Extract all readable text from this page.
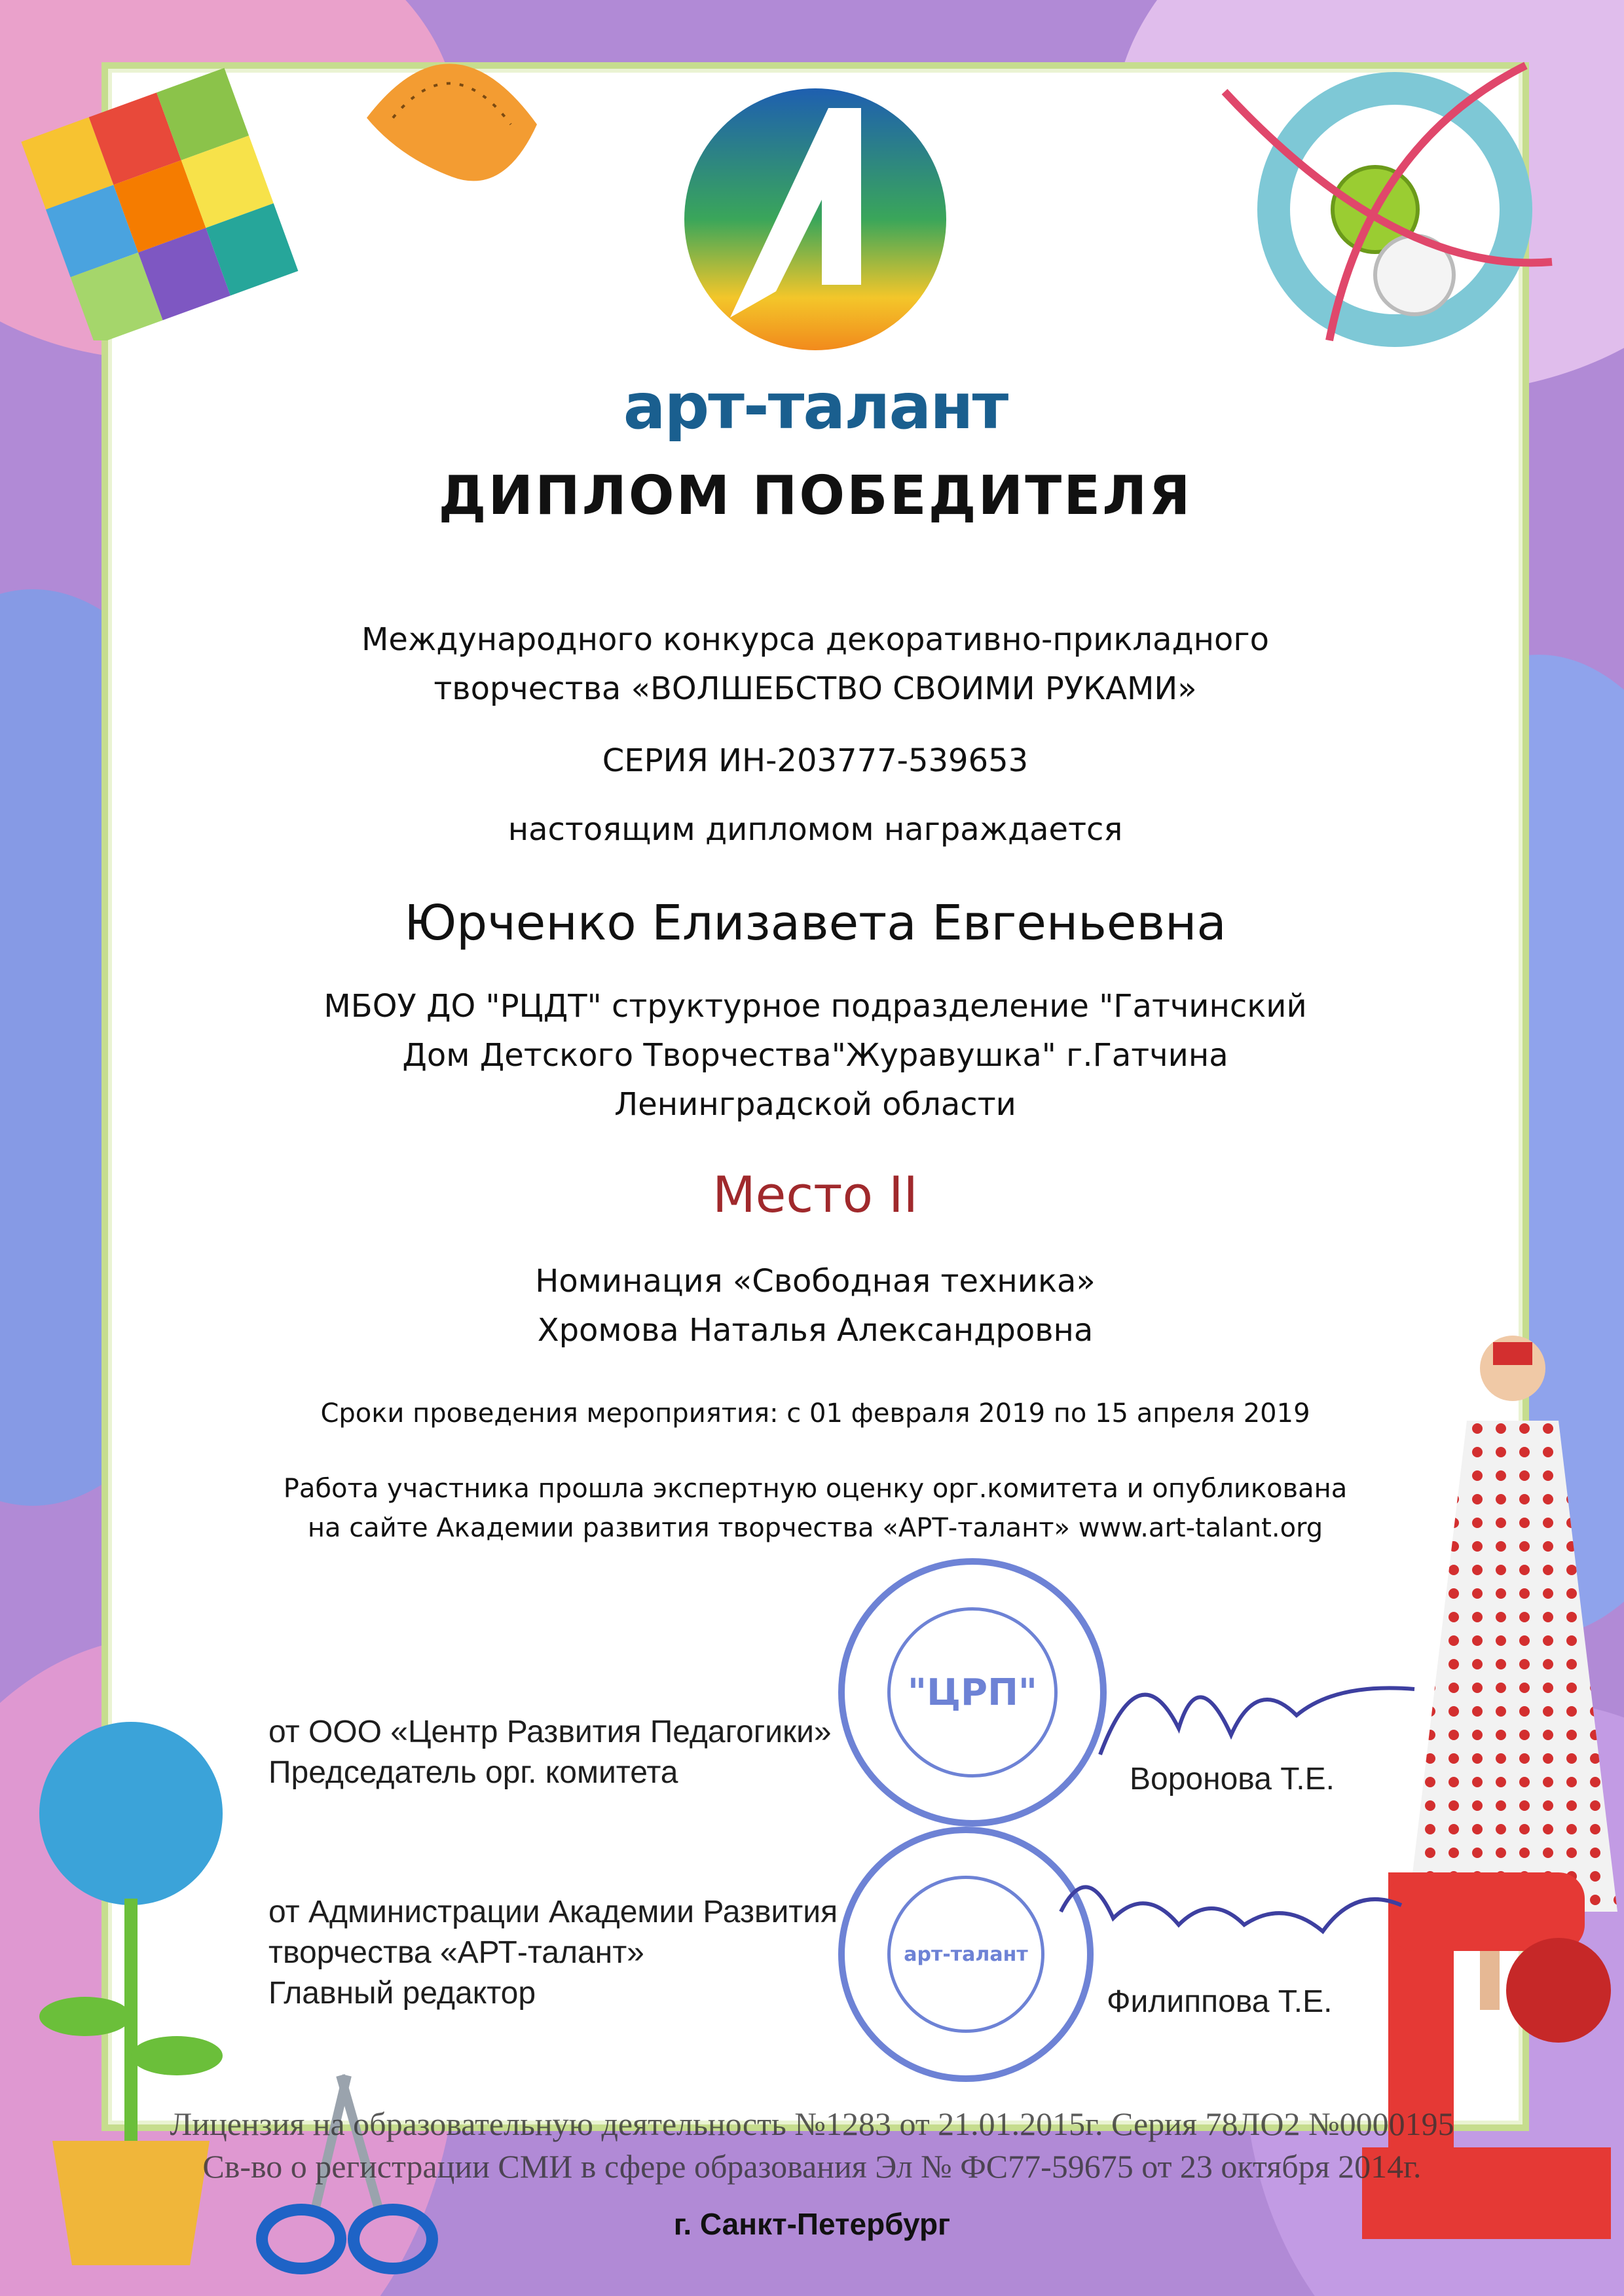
арт-талант
ДИПЛОМ ПОБЕДИТЕЛЯ
Международного конкурса декоративно-прикладного
творчества «ВОЛШЕБСТВО СВОИМИ РУКАМИ»
СЕРИЯ ИН-203777-539653
настоящим дипломом награждается
Юрченко Елизавета Евгеньевна
МБОУ ДО "РЦДТ" структурное подразделение "Гатчинский
Дом Детского Творчества"Журавушка" г.Гатчина
Ленинградской области
Место II
Номинация «Свободная техника»
Хромова Наталья Александровна
Сроки проведения мероприятия: с 01 февраля 2019 по 15 апреля 2019
Работа участника прошла экспертную оценку орг.комитета и опубликована
на сайте Академии развития творчества «АРТ-талант» www.art-talant.org
"ЦРП"
арт-талант
от ООО «Центр Развития Педагогики»
Председатель орг. комитета	Воронова Т.Е.
от Администрации Академии Развития
творчества «АРТ-талант»
Главный редактор	Филиппова Т.Е.
Лицензия на образовательную деятельность №1283 от 21.01.2015г. Серия 78ЛО2 №0000195
Св-во о регистрации СМИ в сфере образования Эл № ФС77-59675 от 23 октября 2014г.
г. Санкт-Петербург
